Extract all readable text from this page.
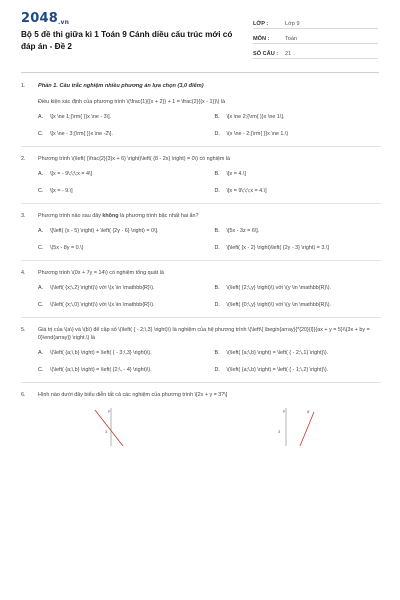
2048.vn
Bộ 5 đề thi giữa kì 1 Toán 9 Cánh diều cấu trúc mới có đáp án - Đề 2
LỚP :	Lớp 9
MÔN :	Toán
SỐ CÂU :	21
1. Phần 1. Câu trắc nghiệm nhiều phương án lựa chọn (3,0 điểm)
Điều kiện xác định của phương trình \(\frac{1}{{x + 2}} + 1 = \frac{2}{{x - 1}}\) là
A.	\[x \ne 1;{\rm{ }}x \ne - 3\].	B.	\[x \ne 2;{\rm{ }}x \ne 1\].
C.	\[x \ne - 3;{\rm{ }}x \ne -2\].	D.	\(x \ne - 2;{\rm{ }}x \ne 1.\)
2. Phương trình \(\left( {\frac{2}{3}x + 6} \right)\left( {8 - 2x} \right) = 0\) có nghiệm là
A.	\[x = - 9\;\;\;x = 4\]	B.	\[x = 4.\]
C.	\[x = - 9.\]	D.	\[x = 9\;\;\;x = 4.\]
3. Phương trình nào sau đây không là phương trình bậc nhất hai ẩn?
A.	\[\left( {x - 5} \right) + \left( {2y - 6} \right) = 0\].	B.	\[5x - 3z = 6\].
C.	\(5x - 8y = 0.\)	D.	\[\left( {x - 2} \right)\left( {2y - 3} \right) = 3.\]
4. Phương trình \(0x + 7y = 14\) có nghiệm tổng quát là
A.	\(\left( {x;\,2} \right)\) với \(x \in \mathbb{R}\).	B.	\(\left( {2;\,y} \right)\) với \(y \in \mathbb{R}\).
C.	\(\left( {x;\,0} \right)\) với \(x \in \mathbb{R}\).	D.	\(\left( {0;\,y} \right)\) với \(y \in \mathbb{R}\).
5. Giá trị của \(a\) và \(b\) để cặp số \(\left( { - 2;\,3} \right)\) là nghiệm của hệ phương trình \(\left\{ \begin{array}{*{20}{l}}{ax + y = 5}\\{3x + by = 0}\end{array}} \right.\) là
A.	\(\left( {a;\,b} \right) = \left( { - 3;\,3} \right)\).	B.	\(\left( {a;\,b} \right) = \left( { - 2;\,1} \right)\).
C.	\(\left( {a;\,b} \right) = \left( {2;\, - 4} \right)\).	D.	\(\left( {a;\,b} \right) = \left( { - 1;\,2} \right)\).
6. Hình nào dưới đây biểu diễn tất cả các nghiệm của phương trình \[2x + y = 3?\]
y
3
y
3
d
